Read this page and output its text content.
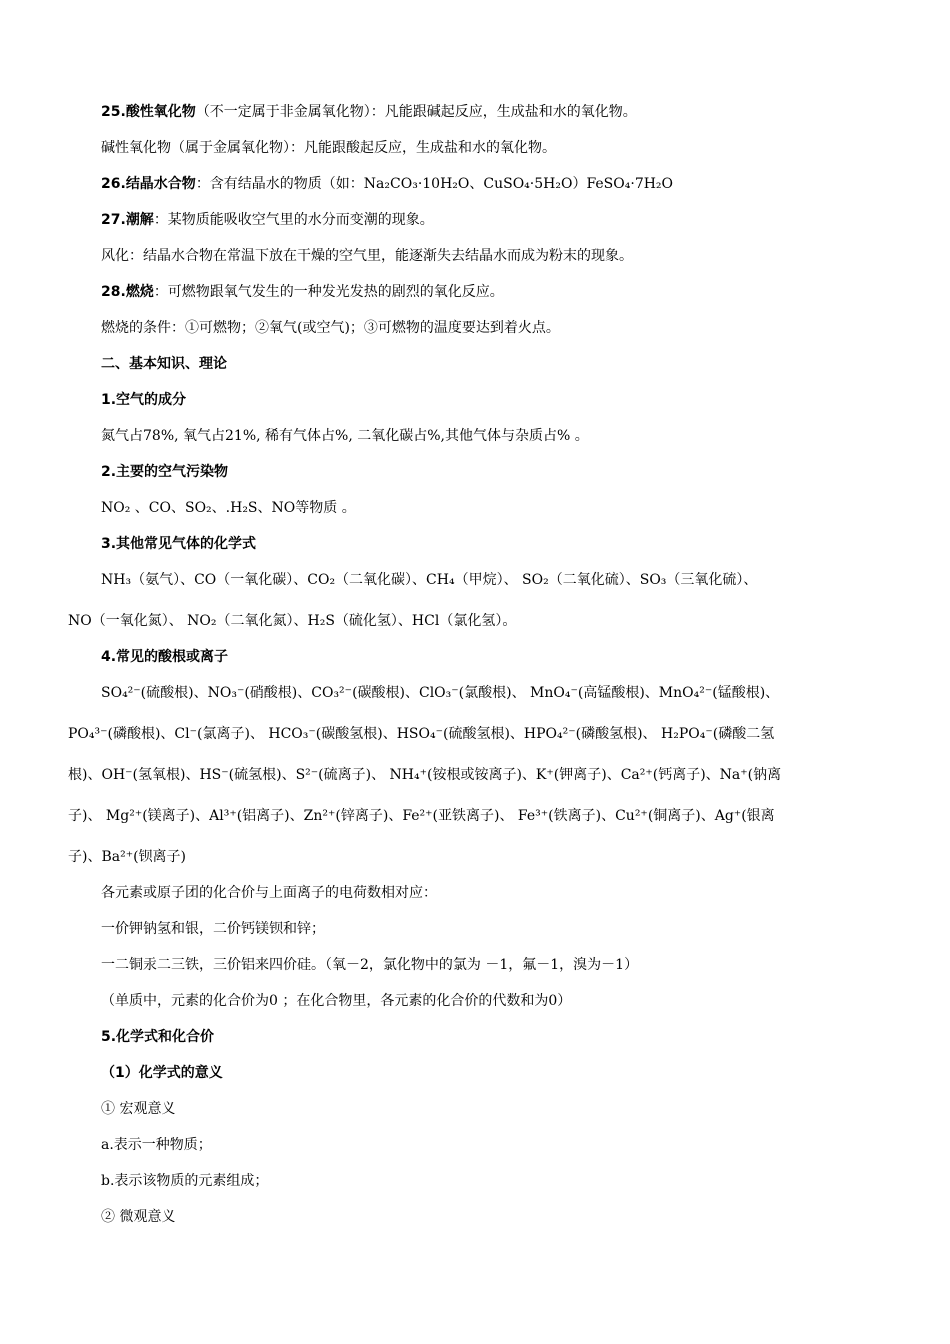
25.酸性氧化物（不一定属于非金属氧化物）：凡能跟碱起反应，生成盐和水的氧化物。
碱性氧化物（属于金属氧化物）：凡能跟酸起反应，生成盐和水的氧化物。
26.结晶水合物：含有结晶水的物质（如：Na₂CO₃·10H₂O、CuSO₄·5H₂O）FeSO₄·7H₂O
27.潮解：某物质能吸收空气里的水分而变潮的现象。
风化：结晶水合物在常温下放在干燥的空气里，能逐渐失去结晶水而成为粉末的现象。
28.燃烧：可燃物跟氧气发生的一种发光发热的剧烈的氧化反应。
燃烧的条件：①可燃物；②氧气(或空气)；③可燃物的温度要达到着火点。
二、基本知识、理论
1.空气的成分
氮气占78%, 氧气占21%, 稀有气体占%, 二氧化碳占%,其他气体与杂质占% 。
2.主要的空气污染物
NO₂ 、CO、SO₂、.H₂S、NO等物质 。
3.其他常见气体的化学式
NH₃（氨气）、CO（一氧化碳）、CO₂（二氧化碳）、CH₄（甲烷）、 SO₂（二氧化硫）、SO₃（三氧化硫）、
NO（一氧化氮）、 NO₂（二氧化氮）、H₂S（硫化氢）、HCl（氯化氢）。
4.常见的酸根或离子
SO₄²⁻(硫酸根)、NO₃⁻(硝酸根)、CO₃²⁻(碳酸根)、ClO₃⁻(氯酸根)、 MnO₄⁻(高锰酸根)、MnO₄²⁻(锰酸根)、
PO₄³⁻(磷酸根)、Cl⁻(氯离子)、 HCO₃⁻(碳酸氢根)、HSO₄⁻(硫酸氢根)、HPO₄²⁻(磷酸氢根)、 H₂PO₄⁻(磷酸二氢
根)、OH⁻(氢氧根)、HS⁻(硫氢根)、S²⁻(硫离子)、 NH₄⁺(铵根或铵离子)、K⁺(钾离子)、Ca²⁺(钙离子)、Na⁺(钠离
子)、 Mg²⁺(镁离子)、Al³⁺(铝离子)、Zn²⁺(锌离子)、Fe²⁺(亚铁离子)、 Fe³⁺(铁离子)、Cu²⁺(铜离子)、Ag⁺(银离
子)、Ba²⁺(钡离子)
各元素或原子团的化合价与上面离子的电荷数相对应：
一价钾钠氢和银，二价钙镁钡和锌；
一二铜汞二三铁，三价铝来四价硅。（氧－2，氯化物中的氯为 －1，氟－1，溴为－1）
（单质中，元素的化合价为0 ；在化合物里，各元素的化合价的代数和为0）
5.化学式和化合价
（1）化学式的意义
① 宏观意义
a.表示一种物质；
b.表示该物质的元素组成；
② 微观意义
